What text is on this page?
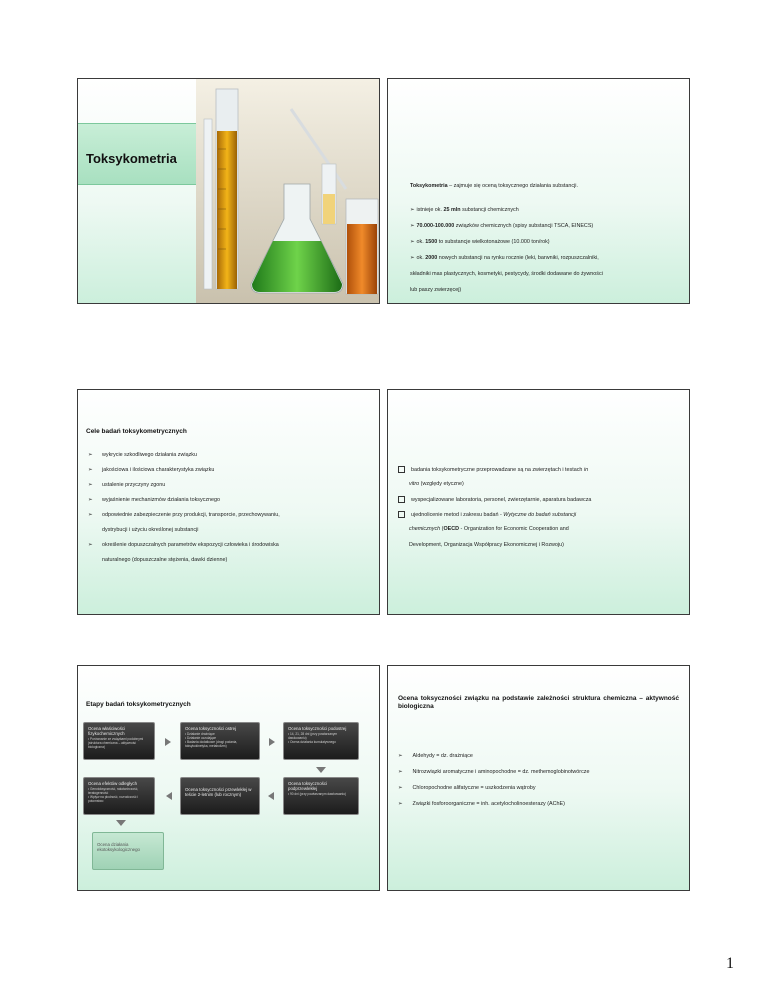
Toksykometria
Toksykometria – zajmuje się oceną toksycznego działania substancji.
➢ istnieje ok. 25 mln substancji chemicznych
➢ 70.000-100.000 związków chemicznych (spisy substancji TSCA, EINECS)
➢ ok. 1500 to substancje wielkotonażowe (10.000 ton/rok)
➢ ok. 2000 nowych substancji na rynku rocznie (leki, barwniki, rozpuszczalniki,
składniki mas plastycznych, kosmetyki, pestycydy, środki dodawane do żywności
lub paszy zwierzęcej)
Cele badań toksykometrycznych
➢ wykrycie szkodliwego działania związku
➢ jakościowa i ilościowa charakterystyka związku
➢ ustalenie przyczyny zgonu
➢ wyjaśnienie mechanizmów działania toksycznego
➢ odpowiednie zabezpieczenie przy produkcji, transporcie, przechowywaniu,
dystrybucji i użyciu określonej substancji
➢ określenie dopuszczalnych parametrów ekspozycji człowieka i środowiska
naturalnego (dopuszczalne stężenia, dawki dzienne)
badania toksykometryczne przeprowadzane są na zwierzętach i testach in
vitro (względy etyczne)
wyspecjalizowane laboratoria, personel, zwierzętarnie, aparatura badawcza
ujednolicenie metod i zakresu badań - Wytyczne do badań substancji
chemicznych (OECD - Organization for Economic Cooperation and
Development, Organizacja Współpracy Ekonomicznej i Rozwoju)
Etapy badań toksykometrycznych
Ocena właściwości fizykochemicznych
• Porównanie ze związkami podobnymi (struktura chemiczna – aktywność biologiczna)
Ocena toksyczności ostrej
• Działanie drażniące
• Działanie uczulające
• Badania dodatkowe (drogi podania, toksykokinetyka, metabolizm)
Ocena toksyczności podostrej
• 14, 21, 28 dni (przy powtarzanym dawkowaniu)
• Ocena działania kumulatywnego
Ocena efektów odległych
• Genotoksyczność, rakotwórczość, teratogenność
• Wpływ na płodność, rozrodczość i potomstwo
Ocena toksyczności przewlekłej w teście 2-letnim (lub rocznym)
Ocena toksyczności podprzewlekłej
• 90 dni (przy powtarzanym dawkowaniu)
Ocena działania ekotoksykologicznego
Ocena toksyczności związku na podstawie zależności struktura chemiczna – aktywność biologiczna
➢ Aldehydy = dz. drażniące
➢ Nitrozwiązki aromatyczne i aminopochodne = dz. methemoglobinotwórcze
➢ Chloropochodne alifatyczne = uszkodzenia wątroby
➢ Związki fosforoorganiczne = inh. acetylocholinoesterazy (AChE)
1
